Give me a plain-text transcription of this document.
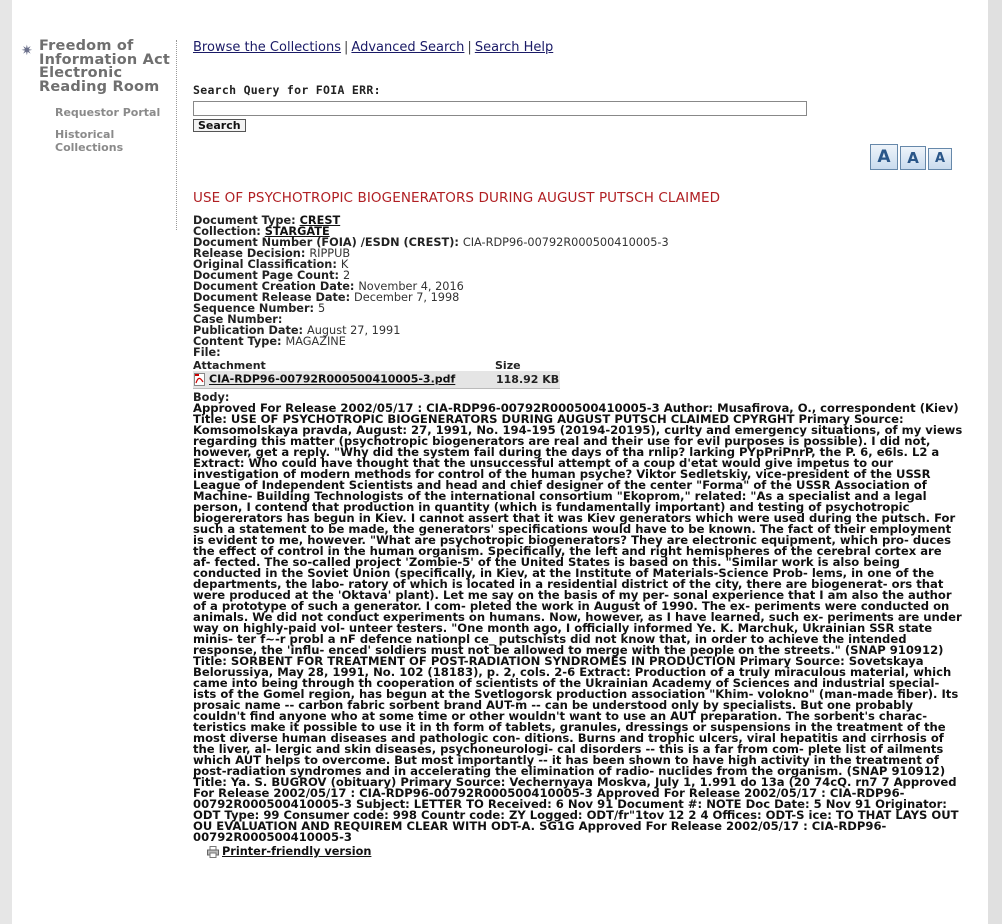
✷ Freedom of Information Act Electronic Reading Room
Requestor Portal
Historical Collections
Browse the Collections | Advanced Search | Search Help
Search Query for FOIA ERR:
Search
A A A
USE OF PSYCHOTROPIC BIOGENERATORS DURING AUGUST PUTSCH CLAIMED
Document Type: CREST
Collection: STARGATE
Document Number (FOIA) /ESDN (CREST): CIA-RDP96-00792R000500410005-3
Release Decision: RIPPUB
Original Classification: K
Document Page Count: 2
Document Creation Date: November 4, 2016
Document Release Date: December 7, 1998
Sequence Number: 5
Case Number:
Publication Date: August 27, 1991
Content Type: MAGAZINE
File:
Attachment	Size
CIA-RDP96-00792R000500410005-3.pdf	118.92 KB
Body:
Approved For Release 2002/05/17 : CIA-RDP96-00792R000500410005-3 Author: Musafirova, O., correspondent (Kiev) Title: USE OF PSYCHOTROPIC BIOGENERATORS DURING AUGUST PUTSCH CLAIMED CPYRGHT Primary Source: Komsomolskaya pravda, August: 27, 1991, No. 194-195 (20194-20195), curlty and emergency situations, of my views regarding this matter (psychotropic biogenerators are real and their use for evil purposes is possible). I did not, however, get a reply. "Why did the system fail during the days of tha rnlip? larking PYpPriPnrP, the P. 6, e6ls. L2 a Extract: Who could have thought that the unsuccessful attempt of a coup d'etat would give impetus to our investigation of modern methods for control of the human psyche? Viktor Sedletskiy, vice-president of the USSR League of Independent Scientists and head and chief designer of the center "Forma" of the USSR Association of Machine- Building Technologists of the international consortium "Ekoprom," related: "As a specialist and a legal person, I contend that production in quantity (which is fundamentally important) and testing of psychotropic biogererators has begun in Kiev. I cannot assert that it was Kiev generators which were used during the putsch. For such a statement to be made, the generators' specifications would have to be known. The fact of their employment is evident to me, however. "What are psychotropic biogenerators? They are electronic equipment, which pro- duces the effect of control in the human organism. Specifically, the left and right hemispheres of the cerebral cortex are af- fected. The so-called project 'Zombie-5' of the United States is based on this. "Similar work is also being conducted in the Soviet Union (specifically, in Kiev, at the Institute of Materials-Science Prob- lems, in one of the departments, the labo- ratory of which is located in a residential district of the city, there are biogenerat- ors that were produced at the 'Oktava' plant). Let me say on the basis of my per- sonal experience that I am also the author of a prototype of such a generator. I com- pleted the work in August of 1990. The ex- periments were conducted on animals. We did not conduct experiments on humans. Now, however, as I have learned, such ex- periments are under way on highly-paid vol- unteer testers. "One month ago, I officially informed Ye. K. Marchuk, Ukrainian SSR state minis- ter f~-r probl a nF defence nationpl ce_ putschists did not know that, in order to achieve the intended response, the 'influ- enced' soldiers must not be allowed to merge with the people on the streets." (SNAP 910912) Title: SORBENT FOR TREATMENT OF POST-RADIATION SYNDROMES IN PRODUCTION Primary Source: Sovetskaya Belorussiya, May 28, 1991, No. 102 (18183), p. 2, cols. 2-6 Extract: Production of a truly miraculous material, which came into being through th cooperation of scientists of the Ukrainian Academy of Sciences and industrial special- ists of the Gomel region, has begun at the Svetlogorsk production association "Khim- volokno" (man-made fiber). Its prosaic name -- carbon fabric sorbent brand AUT-m -- can be understood only by specialists. But one probably couldn't find anyone who at some time or other wouldn't want to use an AUT preparation. The sorbent's charac- teristics make it possible to use it in th form of tablets, granules, dressings or suspensions in the treatment of the most diverse human diseases and pathologic con- ditions. Burns and trophic ulcers, viral hepatitis and cirrhosis of the liver, al- lergic and skin diseases, psychoneurologi- cal disorders -- this is a far from com- plete list of ailments which AUT helps to overcome. But most importantly -- it has been shown to have high activity in the treatment of post-radiation syndromes and in accelerating the elimination of radio- nuclides from the organism. (SNAP 910912) Title: Ya. S. BUGROV (obituary) Primary Source: Vechernyaya Moskva, July 1, 1.991 do 13a (20 74cQ. rn7 7 Approved For Release 2002/05/17 : CIA-RDP96-00792R000500410005-3 Approved For Release 2002/05/17 : CIA-RDP96-00792R000500410005-3 Subject: LETTER TO Received: 6 Nov 91 Document #: NOTE Doc Date: 5 Nov 91 Originator: ODT Type: 99 Consumer code: 998 Countr code: ZY Logged: ODT/fr"1tov 12 2 4 Offices: ODT-S ice: TO THAT LAYS OUT OU EVALUATION AND REQUIREM CLEAR WITH ODT-A. SG1G Approved For Release 2002/05/17 : CIA-RDP96-00792R000500410005-3
Printer-friendly version
